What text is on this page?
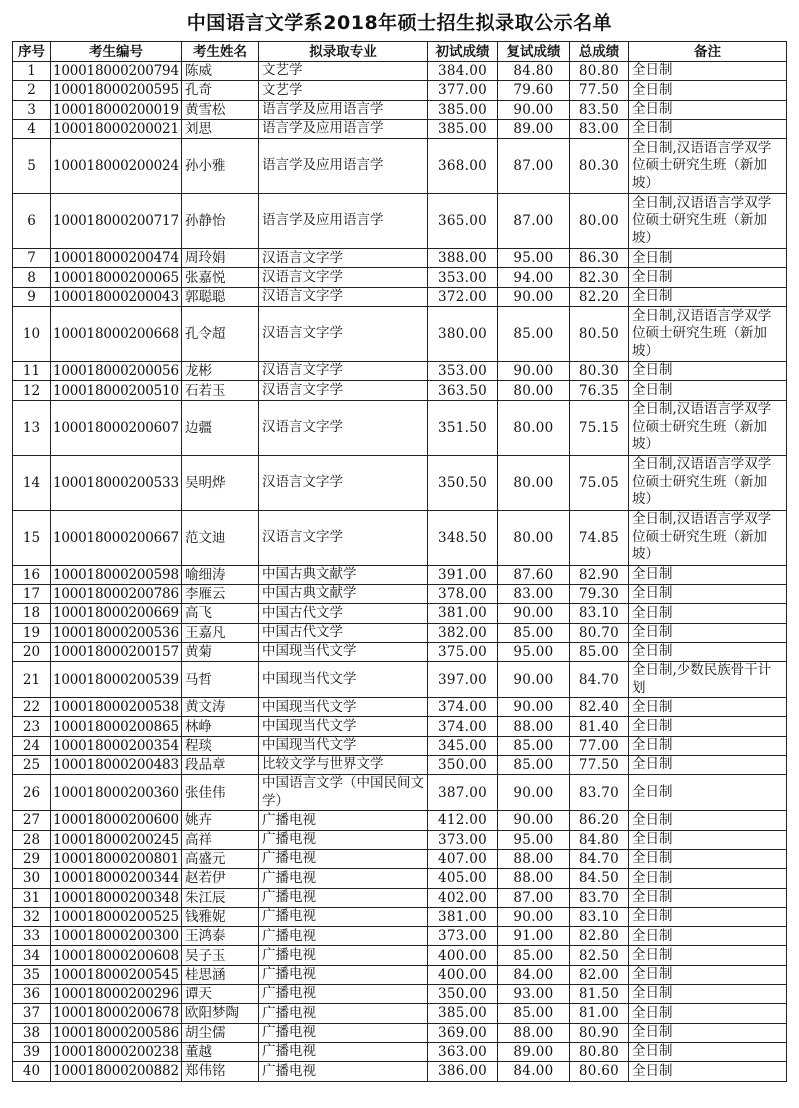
中国语言文学系2018年硕士招生拟录取公示名单
序号	考生编号	考生姓名	拟录取专业	初试成绩	复试成绩	总成绩	备注
1	100018000200794	陈威	文艺学	384.00	84.80	80.80	全日制
2	100018000200595	孔奇	文艺学	377.00	79.60	77.50	全日制
3	100018000200019	黄雪松	语言学及应用语言学	385.00	90.00	83.50	全日制
4	100018000200021	刘思	语言学及应用语言学	385.00	89.00	83.00	全日制
5	100018000200024	孙小雅	语言学及应用语言学	368.00	87.00	80.30	全日制,汉语语言学双学位硕士研究生班（新加坡）
6	100018000200717	孙静怡	语言学及应用语言学	365.00	87.00	80.00	全日制,汉语语言学双学位硕士研究生班（新加坡）
7	100018000200474	周玲娟	汉语言文字学	388.00	95.00	86.30	全日制
8	100018000200065	张嘉悦	汉语言文字学	353.00	94.00	82.30	全日制
9	100018000200043	郭聪聪	汉语言文字学	372.00	90.00	82.20	全日制
10	100018000200668	孔令超	汉语言文字学	380.00	85.00	80.50	全日制,汉语语言学双学位硕士研究生班（新加坡）
11	100018000200056	龙彬	汉语言文字学	353.00	90.00	80.30	全日制
12	100018000200510	石若玉	汉语言文字学	363.50	80.00	76.35	全日制
13	100018000200607	边疆	汉语言文字学	351.50	80.00	75.15	全日制,汉语语言学双学位硕士研究生班（新加坡）
14	100018000200533	吴明烨	汉语言文字学	350.50	80.00	75.05	全日制,汉语语言学双学位硕士研究生班（新加坡）
15	100018000200667	范文迪	汉语言文字学	348.50	80.00	74.85	全日制,汉语语言学双学位硕士研究生班（新加坡）
16	100018000200598	喻细涛	中国古典文献学	391.00	87.60	82.90	全日制
17	100018000200786	李雁云	中国古典文献学	378.00	83.00	79.30	全日制
18	100018000200669	高飞	中国古代文学	381.00	90.00	83.10	全日制
19	100018000200536	王嘉凡	中国古代文学	382.00	85.00	80.70	全日制
20	100018000200157	黄菊	中国现当代文学	375.00	95.00	85.00	全日制
21	100018000200539	马哲	中国现当代文学	397.00	90.00	84.70	全日制,少数民族骨干计划
22	100018000200538	黄文涛	中国现当代文学	374.00	90.00	82.40	全日制
23	100018000200865	林峥	中国现当代文学	374.00	88.00	81.40	全日制
24	100018000200354	程琰	中国现当代文学	345.00	85.00	77.00	全日制
25	100018000200483	段品章	比较文学与世界文学	350.00	85.00	77.50	全日制
26	100018000200360	张佳伟	中国语言文学（中国民间文学）	387.00	90.00	83.70	全日制
27	100018000200600	姚卉	广播电视	412.00	90.00	86.20	全日制
28	100018000200245	高祥	广播电视	373.00	95.00	84.80	全日制
29	100018000200801	高盛元	广播电视	407.00	88.00	84.70	全日制
30	100018000200344	赵若伊	广播电视	405.00	88.00	84.50	全日制
31	100018000200348	朱江辰	广播电视	402.00	87.00	83.70	全日制
32	100018000200525	钱雅妮	广播电视	381.00	90.00	83.10	全日制
33	100018000200300	王鸿泰	广播电视	373.00	91.00	82.80	全日制
34	100018000200608	吴子玉	广播电视	400.00	85.00	82.50	全日制
35	100018000200545	桂思涵	广播电视	400.00	84.00	82.00	全日制
36	100018000200296	谭天	广播电视	350.00	93.00	81.50	全日制
37	100018000200678	欧阳梦陶	广播电视	385.00	85.00	81.00	全日制
38	100018000200586	胡尘儒	广播电视	369.00	88.00	80.90	全日制
39	100018000200238	董越	广播电视	363.00	89.00	80.80	全日制
40	100018000200882	郑伟铭	广播电视	386.00	84.00	80.60	全日制
